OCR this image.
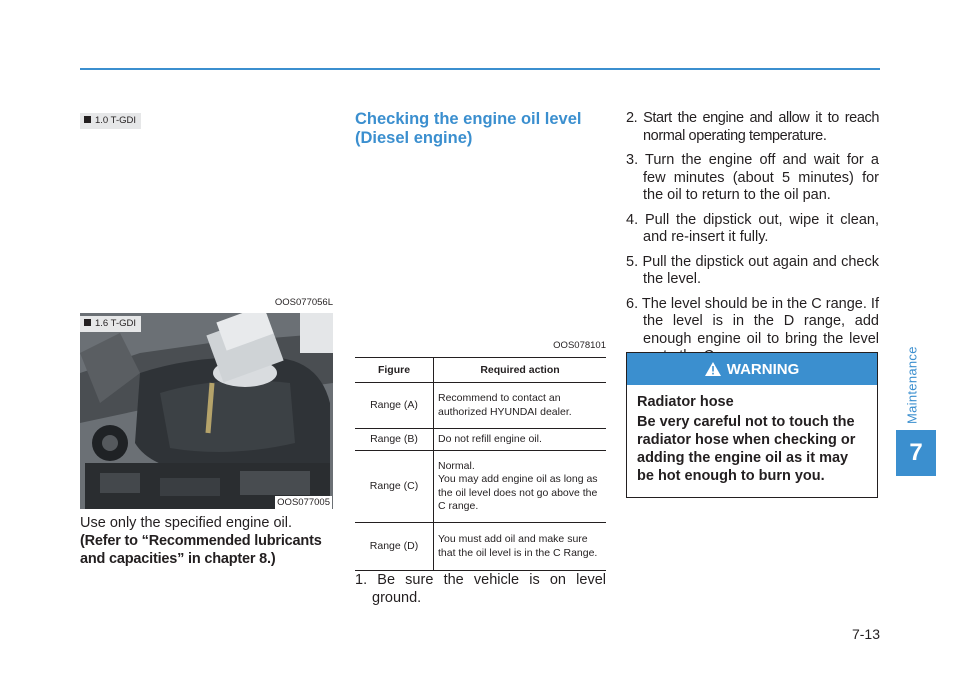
Maintenance
7
1.0 T-GDI
OOS077056L
1.6 T-GDI
OOS077005
Use only the specified engine oil.
(Refer to “Recommended lubricants and capacities” in chapter 8.)
Checking the engine oil level
(Diesel engine)
OOS078101
Figure	Required action
Range (A)	Recommend to contact an authorized HYUNDAI dealer.
Range (B)	Do not refill engine oil.
Range (C)	Normal.
You may add engine oil as long as the oil level does not go above the C range.

Range (D)	You must add oil and make sure that the oil level is in the C Range.

1. Be sure the vehicle is on level ground.

2. Start the engine and allow it to reach normal operating temperature.

3. Turn the engine off and wait for a few minutes (about 5 minutes) for the oil to return to the oil pan.

4. Pull the dipstick out, wipe it clean, and re-insert it fully.

5. Pull the dipstick out again and check the level.

6. The level should be in the C range. If the level is in the D range, add enough engine oil to bring the level

WARNING
Radiator hose
Be very careful not to touch the radiator hose when checking or adding the engine oil as it may be hot enough to burn you.
7-13
